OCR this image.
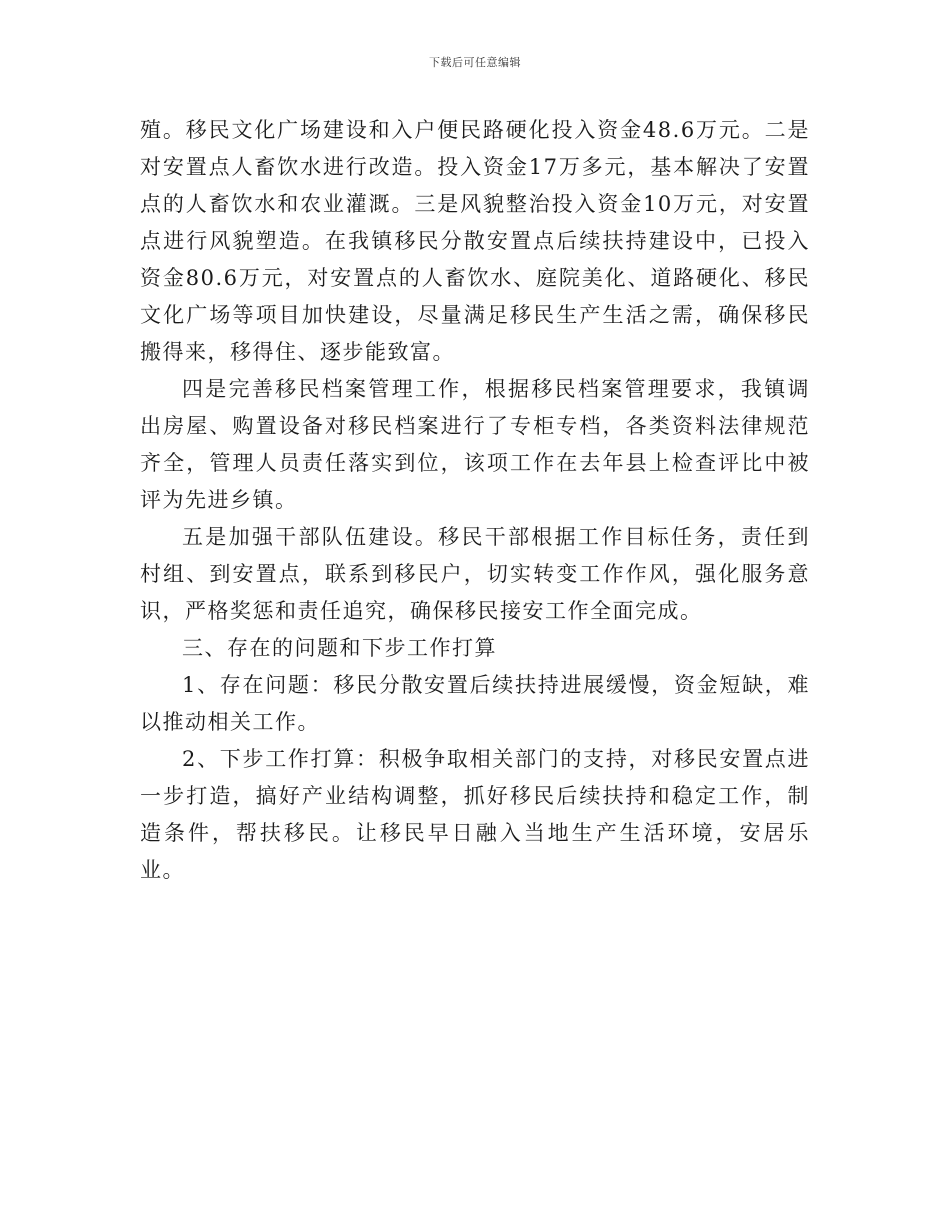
下载后可任意编辑

殖。移民文化广场建设和入户便民路硬化投入资金48.6万元。二是对安置点人畜饮水进行改造。投入资金17万多元，基本解决了安置点的人畜饮水和农业灌溉。三是风貌整治投入资金10万元，对安置点进行风貌塑造。在我镇移民分散安置点后续扶持建设中，已投入资金80.6万元，对安置点的人畜饮水、庭院美化、道路硬化、移民文化广场等项目加快建设，尽量满足移民生产生活之需，确保移民搬得来，移得住、逐步能致富。

四是完善移民档案管理工作，根据移民档案管理要求，我镇调出房屋、购置设备对移民档案进行了专柜专档，各类资料法律规范齐全，管理人员责任落实到位，该项工作在去年县上检查评比中被评为先进乡镇。

五是加强干部队伍建设。移民干部根据工作目标任务，责任到村组、到安置点，联系到移民户，切实转变工作作风，强化服务意识，严格奖惩和责任追究，确保移民接安工作全面完成。

三、存在的问题和下步工作打算

1、存在问题：移民分散安置后续扶持进展缓慢，资金短缺，难以推动相关工作。

2、下步工作打算：积极争取相关部门的支持，对移民安置点进一步打造，搞好产业结构调整，抓好移民后续扶持和稳定工作，制造条件，帮扶移民。让移民早日融入当地生产生活环境，安居乐业。
